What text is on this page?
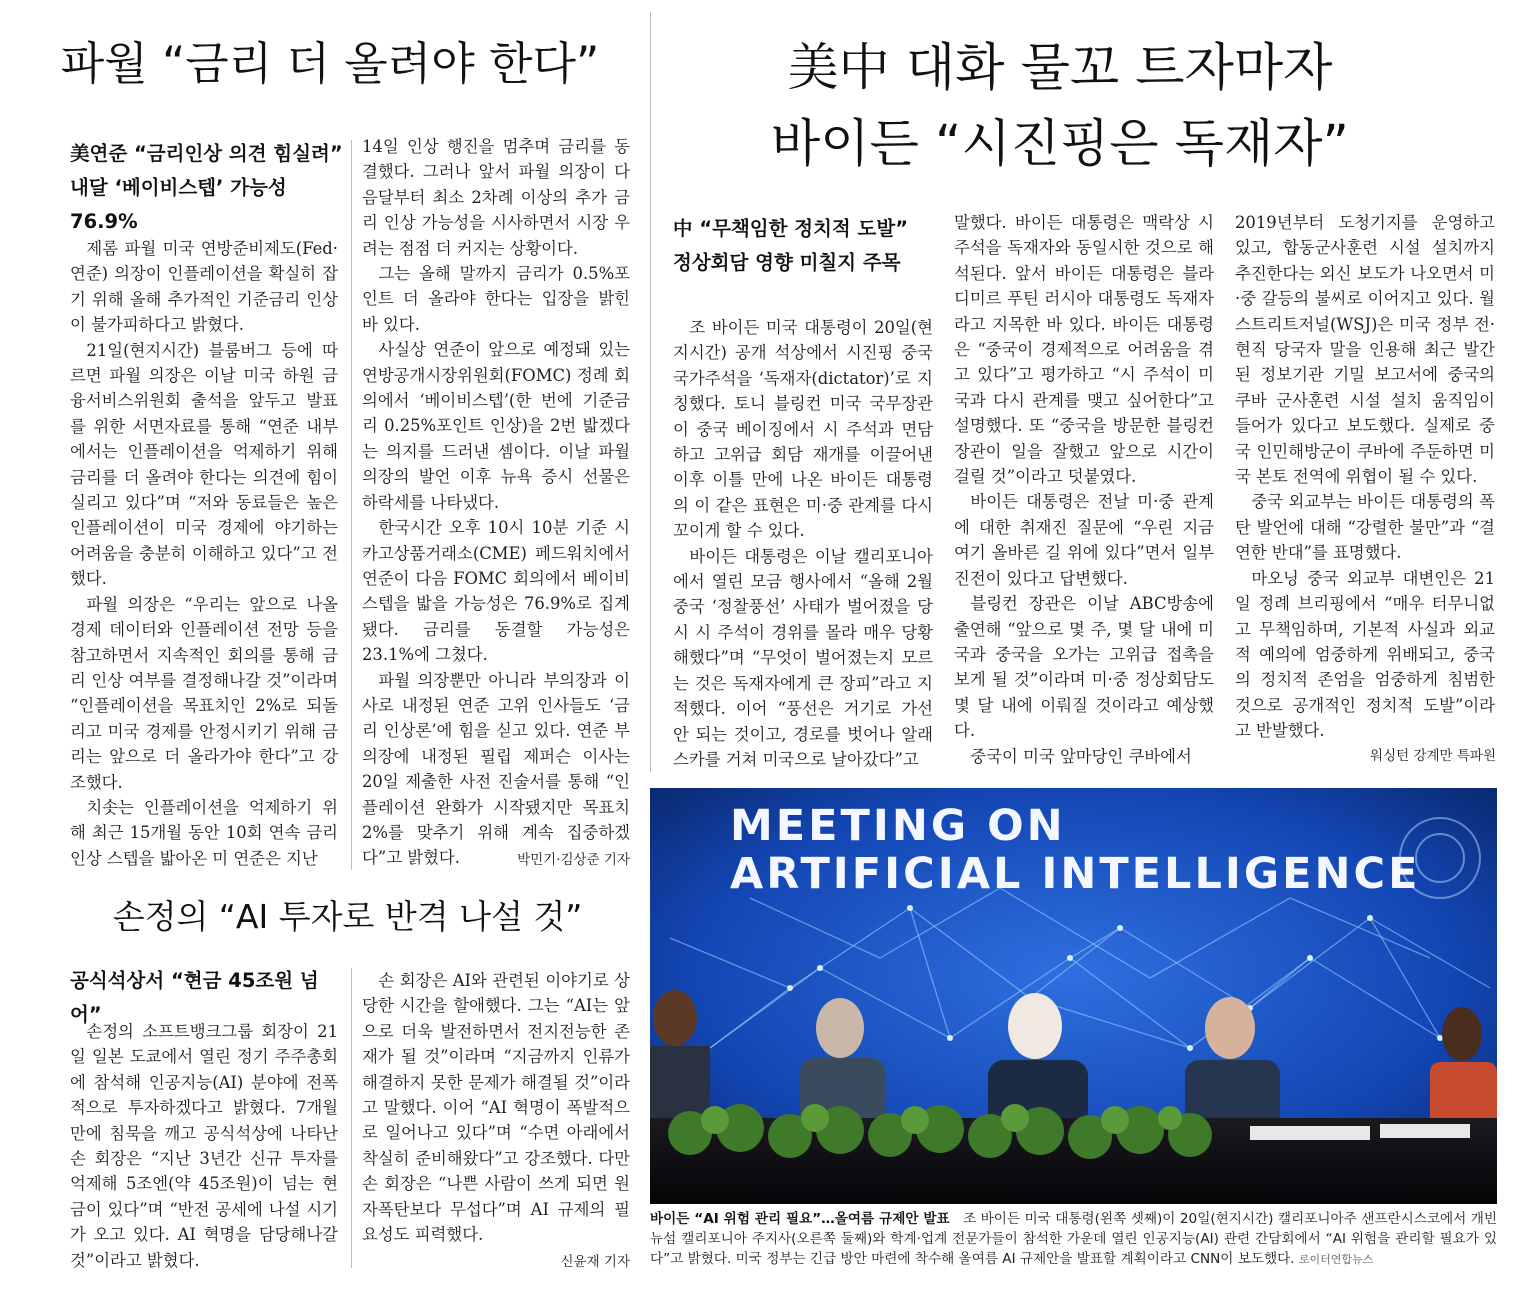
파월 “금리 더 올려야 한다”

美연준 “금리인상 의견 힘실려”

내달 ‘베이비스텝’ 가능성 76.9%

제롬 파월 미국 연방준비제도(Fed·연준) 의장이 인플레이션을 확실히 잡기 위해 올해 추가적인 기준금리 인상이 불가피하다고 밝혔다.

21일(현지시간) 블룸버그 등에 따르면 파월 의장은 이날 미국 하원 금융서비스위원회 출석을 앞두고 발표를 위한 서면자료를 통해 “연준 내부에서는 인플레이션을 억제하기 위해 금리를 더 올려야 한다는 의견에 힘이 실리고 있다”며 “저와 동료들은 높은 인플레이션이 미국 경제에 야기하는 어려움을 충분히 이해하고 있다”고 전했다.

파월 의장은 “우리는 앞으로 나올 경제 데이터와 인플레이션 전망 등을 참고하면서 지속적인 회의를 통해 금리 인상 여부를 결정해나갈 것”이라며 “인플레이션을 목표치인 2%로 되돌리고 미국 경제를 안정시키기 위해 금리는 앞으로 더 올라가야 한다”고 강조했다.

치솟는 인플레이션을 억제하기 위해 최근 15개월 동안 10회 연속 금리 인상 스텝을 밟아온 미 연준은 지난

14일 인상 행진을 멈추며 금리를 동결했다. 그러나 앞서 파월 의장이 다음달부터 최소 2차례 이상의 추가 금리 인상 가능성을 시사하면서 시장 우려는 점점 더 커지는 상황이다.

그는 올해 말까지 금리가 0.5%포인트 더 올라야 한다는 입장을 밝힌 바 있다.

사실상 연준이 앞으로 예정돼 있는 연방공개시장위원회(FOMC) 정례 회의에서 ‘베이비스텝’(한 번에 기준금리 0.25%포인트 인상)을 2번 밟겠다는 의지를 드러낸 셈이다. 이날 파월 의장의 발언 이후 뉴욕 증시 선물은 하락세를 나타냈다.

한국시간 오후 10시 10분 기준 시카고상품거래소(CME) 페드워치에서 연준이 다음 FOMC 회의에서 베이비스텝을 밟을 가능성은 76.9%로 집계됐다. 금리를 동결할 가능성은 23.1%에 그쳤다.

파월 의장뿐만 아니라 부의장과 이사로 내정된 연준 고위 인사들도 ‘금리 인상론’에 힘을 싣고 있다. 연준 부의장에 내정된 필립 제퍼슨 이사는 20일 제출한 사전 진술서를 통해 “인플레이션 완화가 시작됐지만 목표치 2%를 맞추기 위해 계속 집중하겠다”고 밝혔다.	박민기·김상준 기자
손정의 “AI 투자로 반격 나설 것”

공식석상서 “현금 45조원 넘어”

손정의 소프트뱅크그룹 회장이 21일 일본 도쿄에서 열린 정기 주주총회에 참석해 인공지능(AI) 분야에 전폭적으로 투자하겠다고 밝혔다. 7개월만에 침묵을 깨고 공식석상에 나타난 손 회장은 “지난 3년간 신규 투자를 억제해 5조엔(약 45조원)이 넘는 현금이 있다”며 “반전 공세에 나설 시기가 오고 있다. AI 혁명을 담당해나갈 것”이라고 밝혔다.

손 회장은 AI와 관련된 이야기로 상당한 시간을 할애했다. 그는 “AI는 앞으로 더욱 발전하면서 전지전능한 존재가 될 것”이라며 “지금까지 인류가 해결하지 못한 문제가 해결될 것”이라고 말했다. 이어 “AI 혁명이 폭발적으로 일어나고 있다”며 “수면 아래에서 착실히 준비해왔다”고 강조했다. 다만 손 회장은 “나쁜 사람이 쓰게 되면 원자폭탄보다 무섭다”며 AI 규제의 필요성도 피력했다.

신윤재 기자
美中 대화 물꼬 트자마자
바이든 “시진핑은 독재자”

中 “무책임한 정치적 도발”

정상회담 영향 미칠지 주목

조 바이든 미국 대통령이 20일(현지시간) 공개 석상에서 시진핑 중국 국가주석을 ‘독재자(dictator)’로 지칭했다. 토니 블링컨 미국 국무장관이 중국 베이징에서 시 주석과 면담하고 고위급 회담 재개를 이끌어낸 이후 이틀 만에 나온 바이든 대통령의 이 같은 표현은 미·중 관계를 다시 꼬이게 할 수 있다.

바이든 대통령은 이날 캘리포니아에서 열린 모금 행사에서 “올해 2월 중국 ‘정찰풍선’ 사태가 벌어졌을 당시 시 주석이 경위를 몰라 매우 당황해했다”며 “무엇이 벌어졌는지 모르는 것은 독재자에게 큰 장피”라고 지적했다. 이어 “풍선은 거기로 가선 안 되는 것이고, 경로를 벗어나 알래스카를 거쳐 미국으로 날아갔다”고

말했다. 바이든 대통령은 맥락상 시 주석을 독재자와 동일시한 것으로 해석된다. 앞서 바이든 대통령은 블라디미르 푸틴 러시아 대통령도 독재자라고 지목한 바 있다. 바이든 대통령은 “중국이 경제적으로 어려움을 겪고 있다”고 평가하고 “시 주석이 미국과 다시 관계를 맺고 싶어한다”고 설명했다. 또 “중국을 방문한 블링컨 장관이 일을 잘했고 앞으로 시간이 걸릴 것”이라고 덧붙였다.

바이든 대통령은 전날 미·중 관계에 대한 취재진 질문에 “우린 지금 여기 올바른 길 위에 있다”면서 일부 진전이 있다고 답변했다.

블링컨 장관은 이날 ABC방송에 출연해 “앞으로 몇 주, 몇 달 내에 미국과 중국을 오가는 고위급 접촉을 보게 될 것”이라며 미·중 정상회담도 몇 달 내에 이뤄질 것이라고 예상했다.

중국이 미국 앞마당인 쿠바에서

2019년부터 도청기지를 운영하고 있고, 합동군사훈련 시설 설치까지 추진한다는 외신 보도가 나오면서 미·중 갈등의 불씨로 이어지고 있다. 월스트리트저널(WSJ)은 미국 정부 전·현직 당국자 말을 인용해 최근 발간된 정보기관 기밀 보고서에 중국의 쿠바 군사훈련 시설 설치 움직임이 들어가 있다고 보도했다. 실제로 중국 인민해방군이 쿠바에 주둔하면 미국 본토 전역에 위협이 될 수 있다.

중국 외교부는 바이든 대통령의 폭탄 발언에 대해 “강렬한 불만”과 “결연한 반대”를 표명했다.

마오닝 중국 외교부 대변인은 21일 정례 브리핑에서 “매우 터무니없고 무책임하며, 기본적 사실과 외교적 예의에 엄중하게 위배되고, 중국의 정치적 존엄을 엄중하게 침범한 것으로 공개적인 정치적 도발”이라고 반발했다.

워싱턴 강계만 특파원
MEETING ON
ARTIFICIAL INTELLIGENCE
바이든 “AI 위험 관리 필요”…올여름 규제안 발표 조 바이든 미국 대통령(왼쪽 셋째)이 20일(현지시간) 캘리포니아주 샌프란시스코에서 개빈 뉴섬 캘리포니아 주지사(오른쪽 둘째)와 학계·업계 전문가들이 참석한 가운데 열린 인공지능(AI) 관련 간담회에서 “AI 위험을 관리할 필요가 있다”고 밝혔다. 미국 정부는 긴급 방안 마련에 착수해 올여름 AI 규제안을 발표할 계획이라고 CNN이 보도했다. 로이터연합뉴스
